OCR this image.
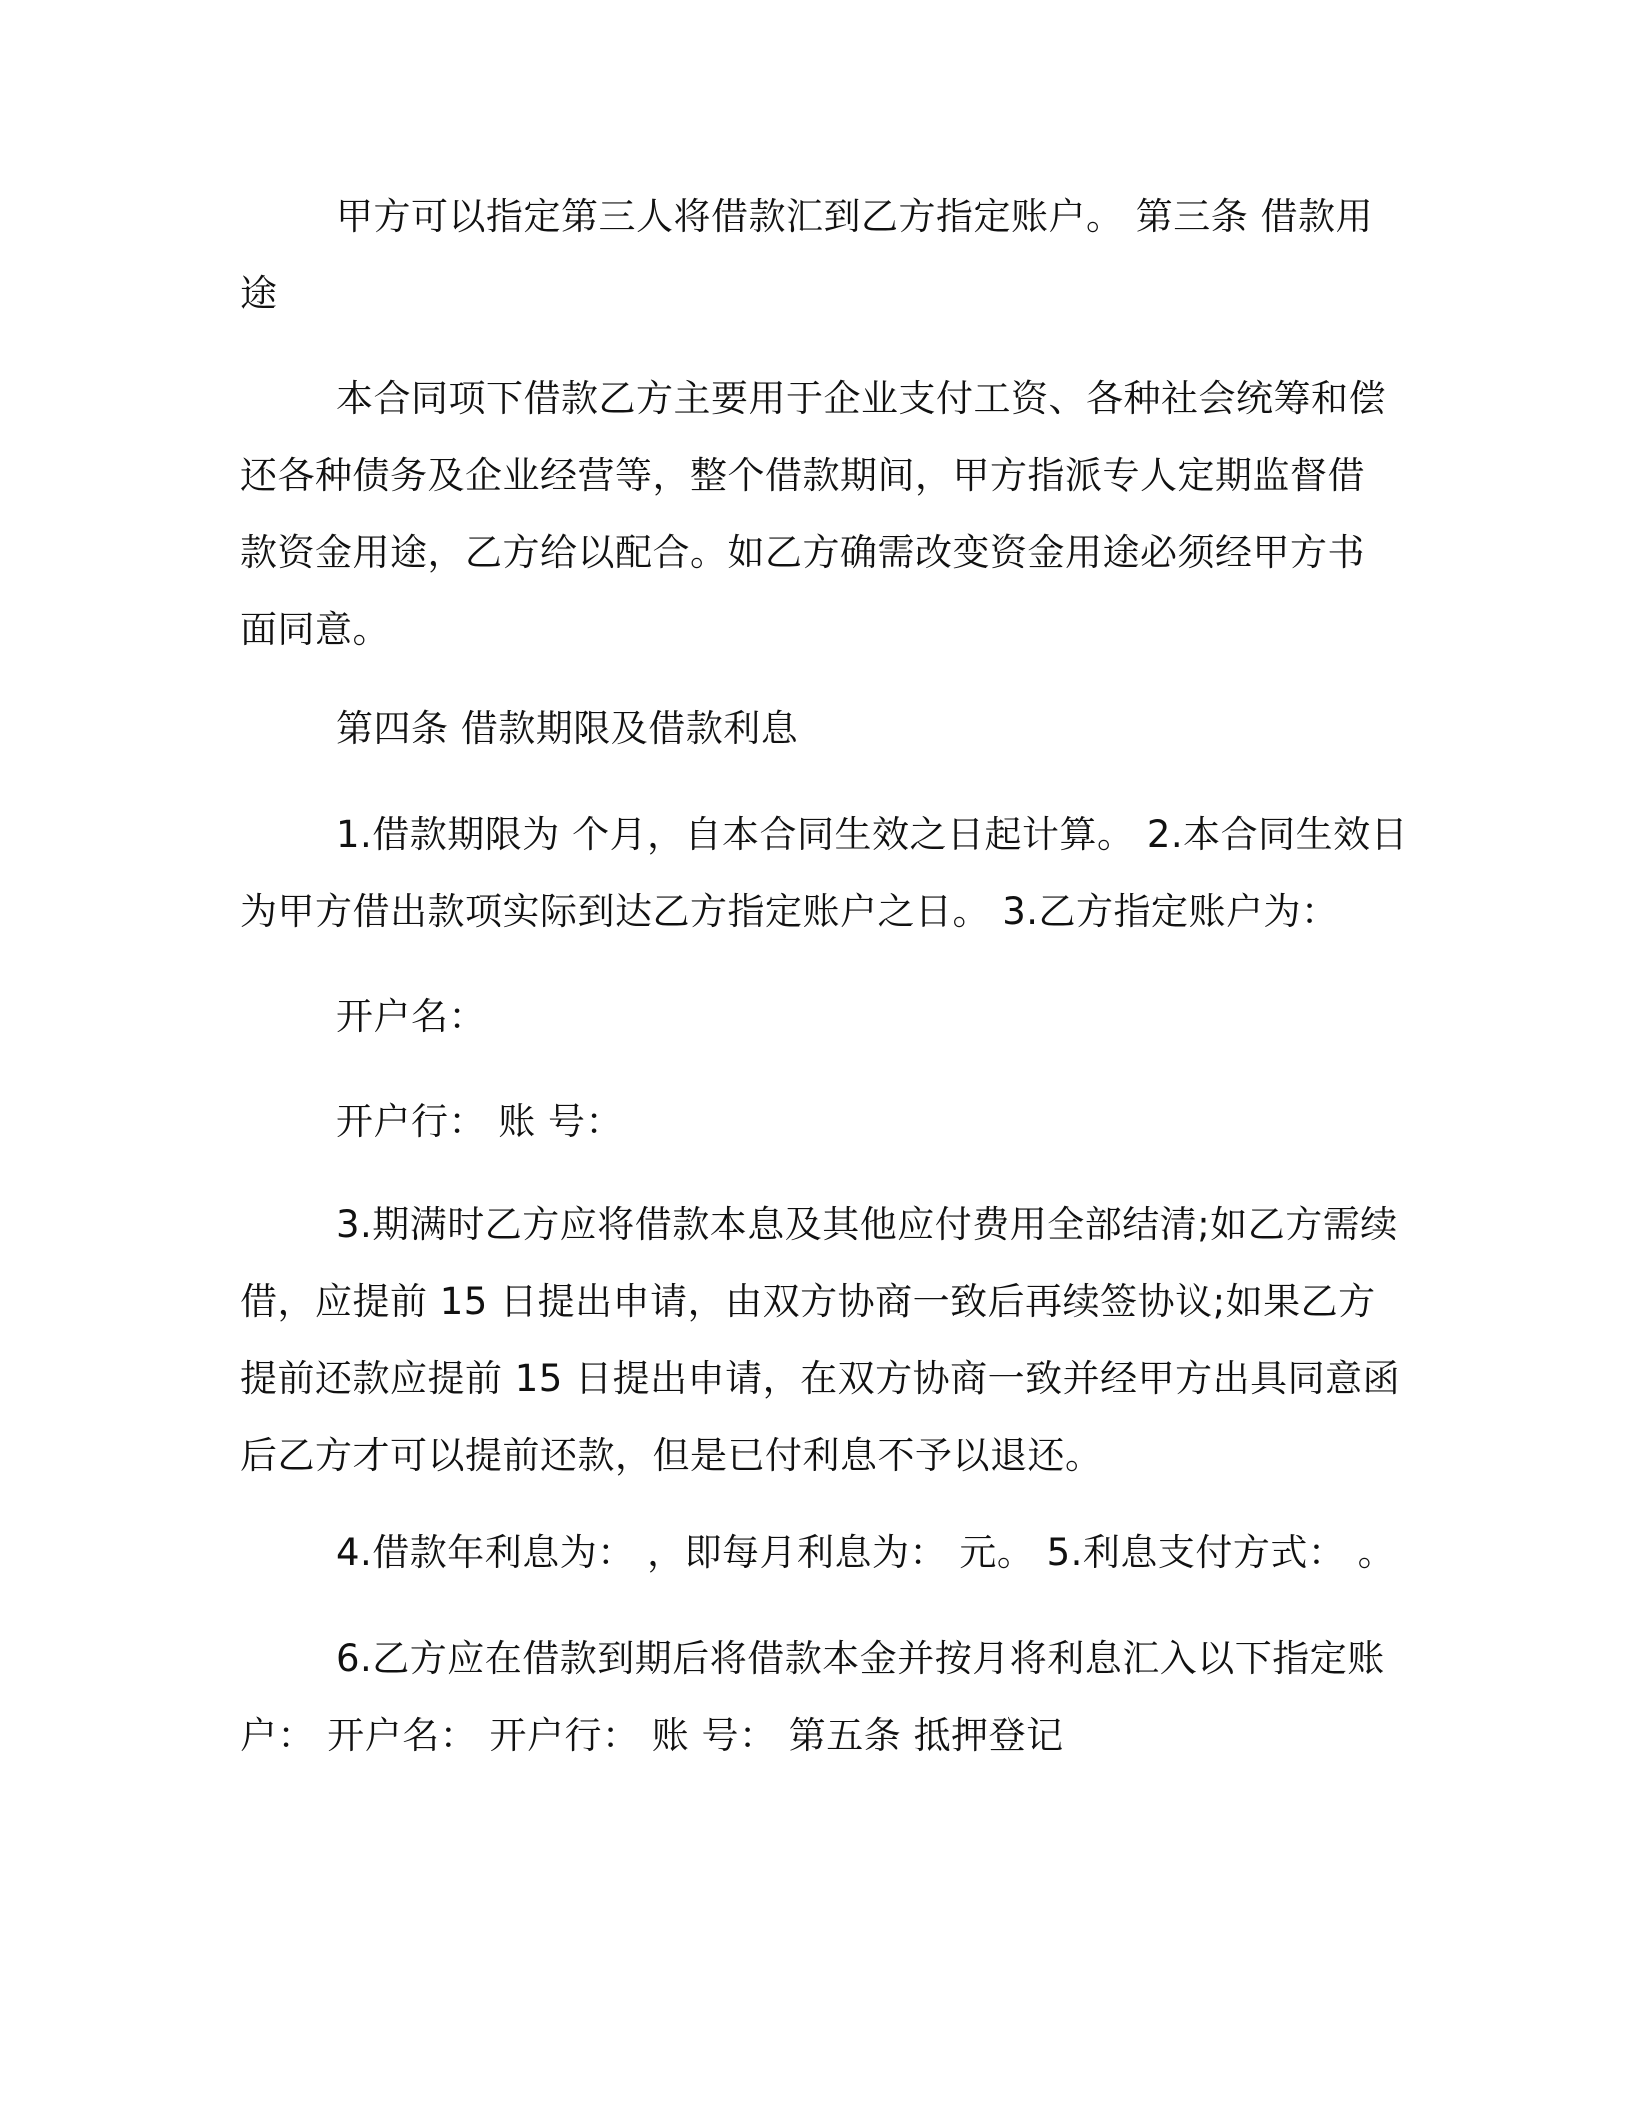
甲方可以指定第三人将借款汇到乙方指定账户。 第三条 借款用
途

本合同项下借款乙方主要用于企业支付工资、各种社会统筹和偿
还各种债务及企业经营等，整个借款期间，甲方指派专人定期监督借
款资金用途，乙方给以配合。如乙方确需改变资金用途必须经甲方书
面同意。

第四条 借款期限及借款利息

1.借款期限为 个月，自本合同生效之日起计算。 2.本合同生效日
为甲方借出款项实际到达乙方指定账户之日。 3.乙方指定账户为：

开户名：

开户行： 账 号：

3.期满时乙方应将借款本息及其他应付费用全部结清;如乙方需续
借，应提前 15 日提出申请，由双方协商一致后再续签协议;如果乙方
提前还款应提前 15 日提出申请，在双方协商一致并经甲方出具同意函
后乙方才可以提前还款，但是已付利息不予以退还。

4.借款年利息为： ，即每月利息为： 元。 5.利息支付方式： 。

6.乙方应在借款到期后将借款本金并按月将利息汇入以下指定账
户： 开户名： 开户行： 账 号： 第五条 抵押登记
